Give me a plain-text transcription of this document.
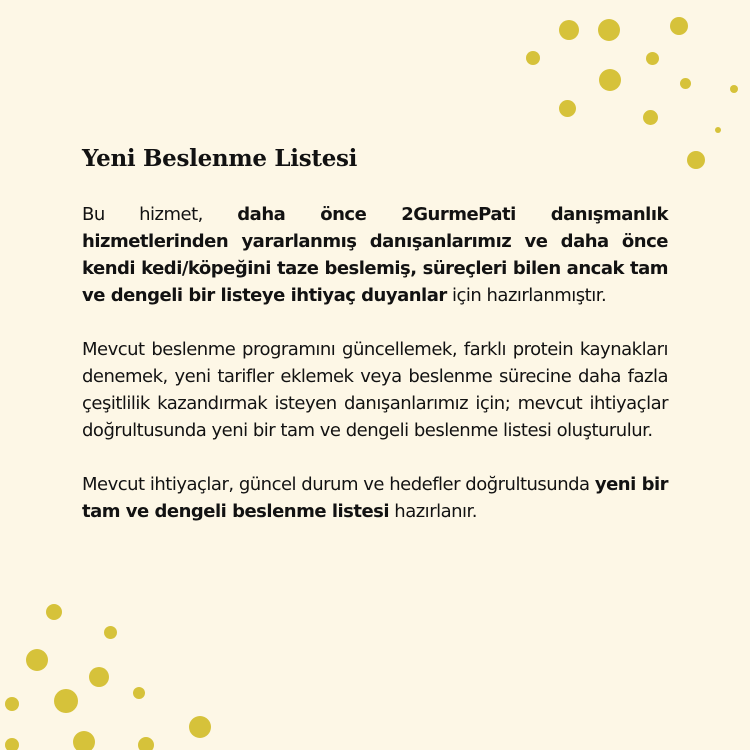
Yeni Beslenme Listesi

Bu hizmet, daha önce 2GurmePati danışmanlık hizmetlerinden yararlanmış danışanlarımız ve daha önce kendi kedi/köpeğini taze beslemiş, süreçleri bilen ancak tam ve dengeli bir listeye ihtiyaç duyanlar için hazırlanmıştır.

Mevcut beslenme programını güncellemek, farklı protein kaynakları denemek, yeni tarifler eklemek veya beslenme sürecine daha fazla çeşitlilik kazandırmak isteyen danışanlarımız için; mevcut ihtiyaçlar doğrultusunda yeni bir tam ve dengeli beslenme listesi oluşturulur.

Mevcut ihtiyaçlar, güncel durum ve hedefler doğrultusunda yeni bir tam ve dengeli beslenme listesi hazırlanır.
